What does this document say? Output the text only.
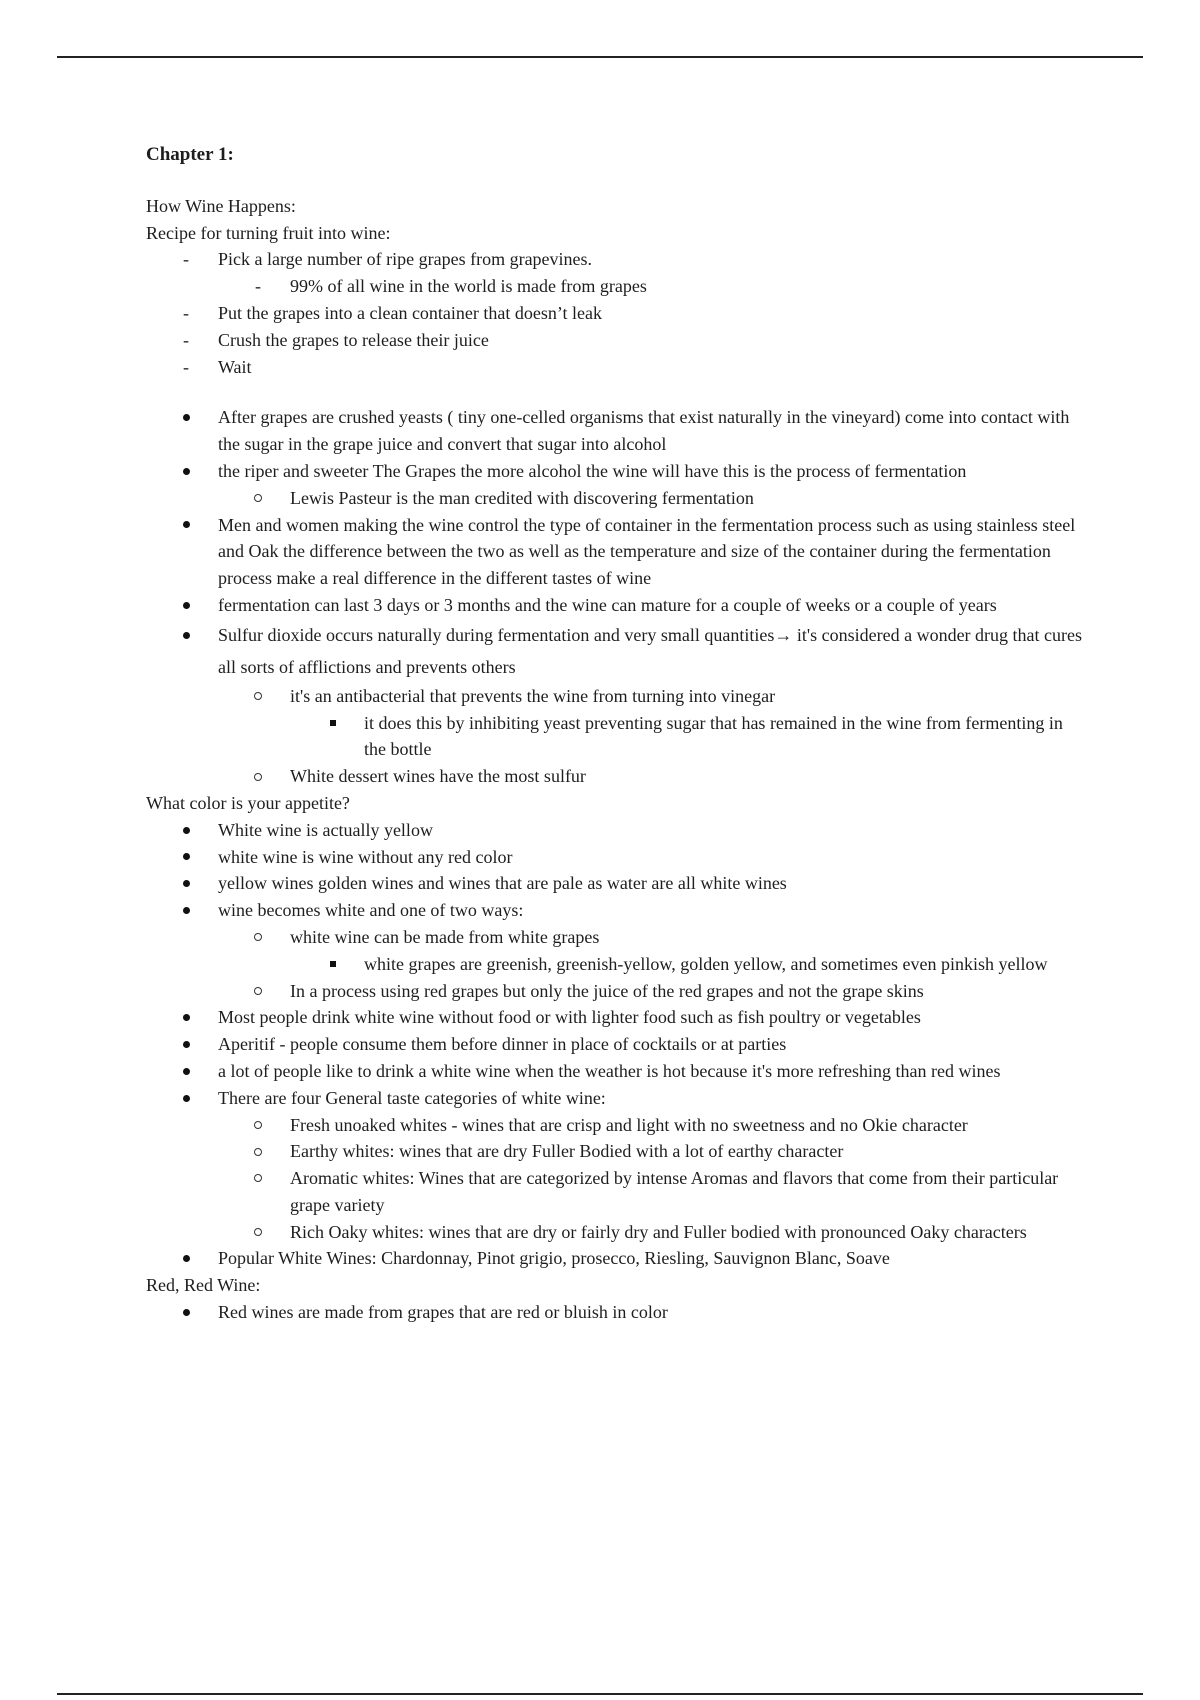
Chapter 1:

How Wine Happens:

Recipe for turning fruit into wine:

- Pick a large number of ripe grapes from grapevines.
- 99% of all wine in the world is made from grapes
- Put the grapes into a clean container that doesn’t leak
- Crush the grapes to release their juice
- Wait
After grapes are crushed yeasts ( tiny one-celled organisms that exist naturally in the vineyard) come into contact with the sugar in the grape juice and convert that sugar into alcohol
the riper and sweeter The Grapes the more alcohol the wine will have this is the process of fermentation
Lewis Pasteur is the man credited with discovering fermentation
Men and women making the wine control the type of container in the fermentation process such as using stainless steel and Oak the difference between the two as well as the temperature and size of the container during the fermentation process make a real difference in the different tastes of wine
fermentation can last 3 days or 3 months and the wine can mature for a couple of weeks or a couple of years
Sulfur dioxide occurs naturally during fermentation and very small quantities→ it's considered a wonder drug that cures all sorts of afflictions and prevents others
it's an antibacterial that prevents the wine from turning into vinegar
it does this by inhibiting yeast preventing sugar that has remained in the wine from fermenting in the bottle
White dessert wines have the most sulfur

What color is your appetite?

White wine is actually yellow
white wine is wine without any red color
yellow wines golden wines and wines that are pale as water are all white wines
wine becomes white and one of two ways:
white wine can be made from white grapes
white grapes are greenish, greenish-yellow, golden yellow, and sometimes even pinkish yellow
In a process using red grapes but only the juice of the red grapes and not the grape skins
Most people drink white wine without food or with lighter food such as fish poultry or vegetables
Aperitif - people consume them before dinner in place of cocktails or at parties
a lot of people like to drink a white wine when the weather is hot because it's more refreshing than red wines
There are four General taste categories of white wine:
Fresh unoaked whites - wines that are crisp and light with no sweetness and no Okie character
Earthy whites: wines that are dry Fuller Bodied with a lot of earthy character
Aromatic whites: Wines that are categorized by intense Aromas and flavors that come from their particular grape variety
Rich Oaky whites: wines that are dry or fairly dry and Fuller bodied with pronounced Oaky characters
Popular White Wines: Chardonnay, Pinot grigio, prosecco, Riesling, Sauvignon Blanc, Soave

Red, Red Wine:

Red wines are made from grapes that are red or bluish in color
